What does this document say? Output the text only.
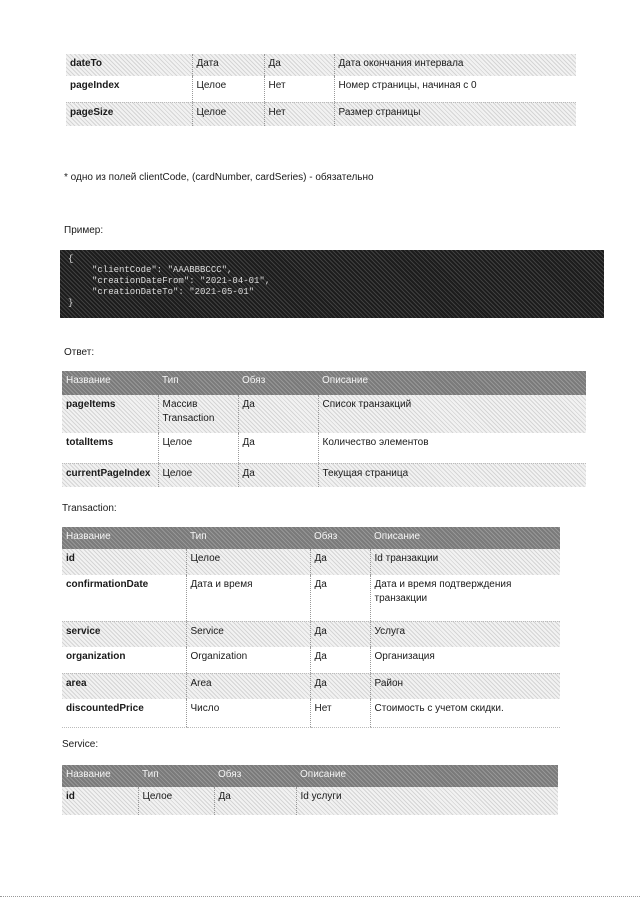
dateTo	Дата	Да	Дата окончания интервала
pageIndex	Целое	Нет	Номер страницы, начиная с 0
pageSize	Целое	Нет	Размер страницы
* одно из полей clientCode, (cardNumber, cardSeries) - обязательно
Пример:
{
"clientCode": "AAABBBCCC",
"creationDateFrom": "2021-04-01",
"creationDateTo": "2021-05-01"
}
Ответ:
Название	Тип	Обяз	Описание
pageItems	Массив Transaction	Да	Список транзакций
totalItems	Целое	Да	Количество элементов
currentPageIndex	Целое	Да	Текущая страница
Transaction:
Название	Тип	Обяз	Описание
id	Целое	Да	Id транзакции
confirmationDate	Дата и время	Да	Дата и время подтверждения транзакции
service	Service	Да	Услуга
organization	Organization	Да	Организация
area	Area	Да	Район
discountedPrice	Число	Нет	Стоимость с учетом скидки.
Service:
Название	Тип	Обяз	Описание
id	Целое	Да	Id услуги
